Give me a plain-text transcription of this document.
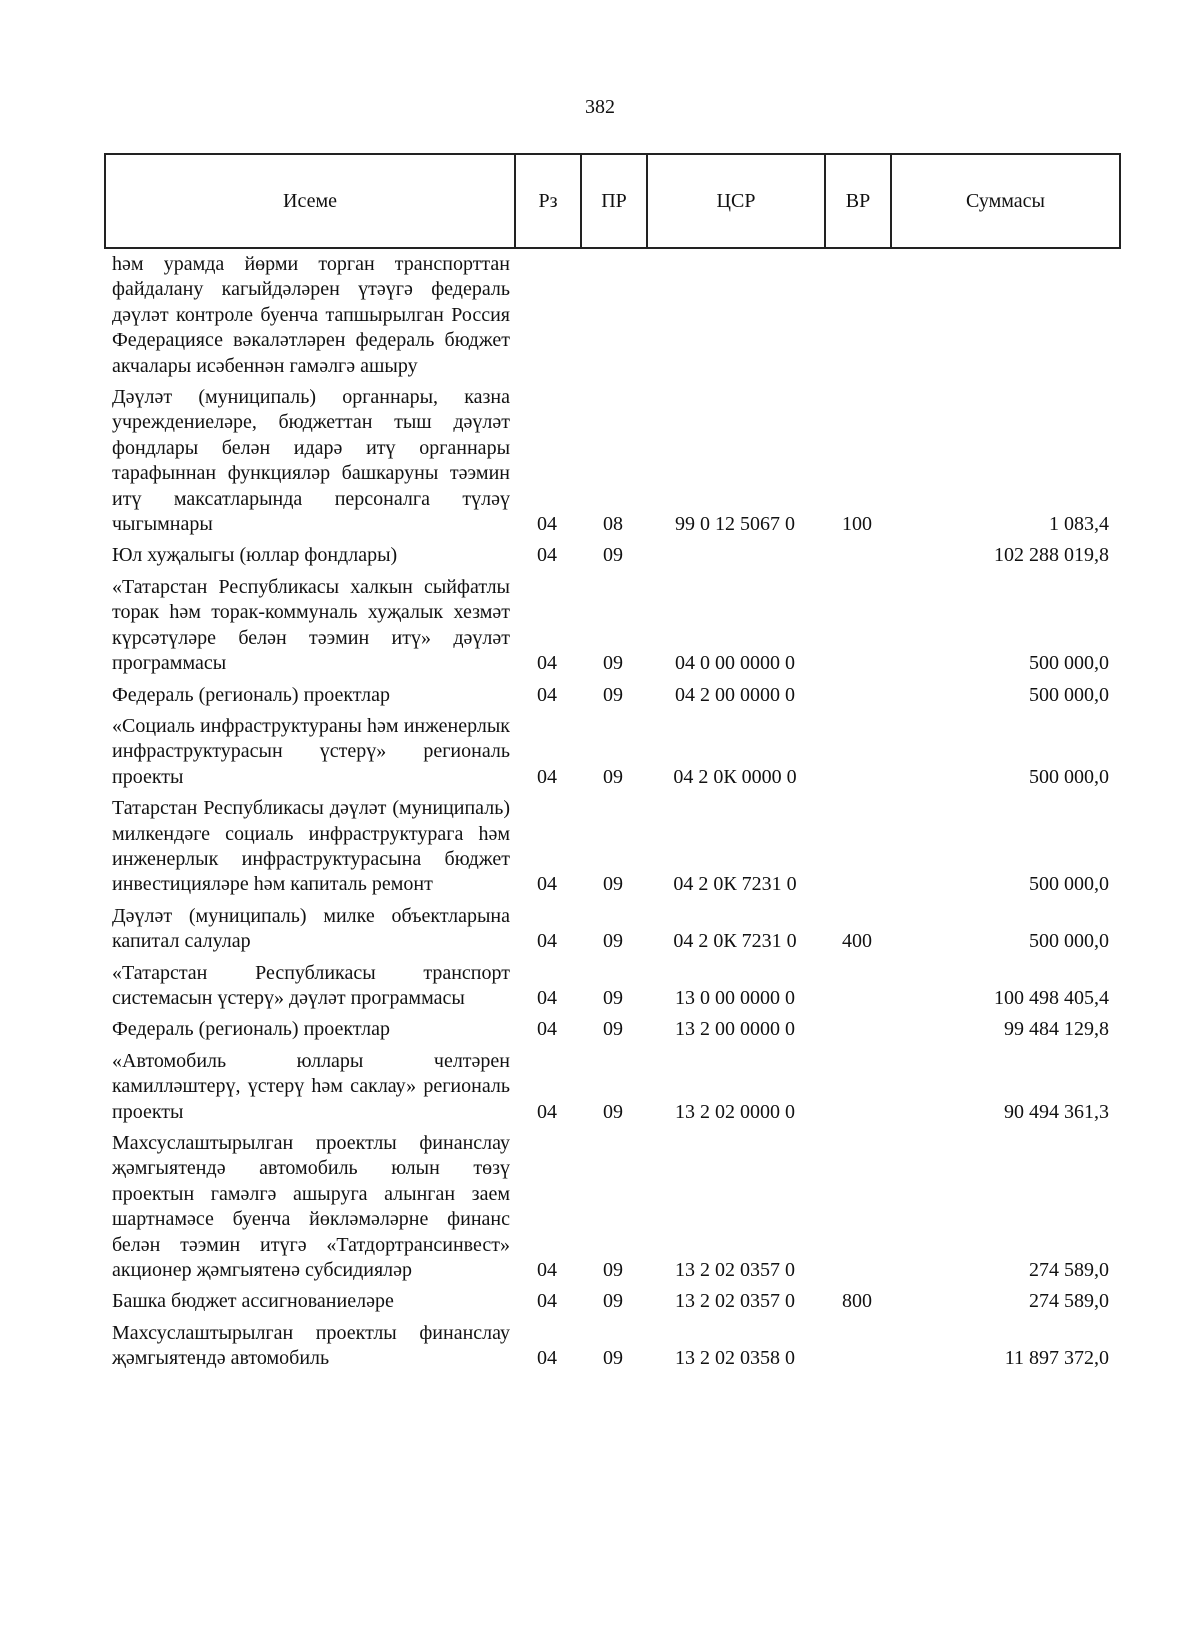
382
Исеме	Рз	ПР	ЦСР	ВР	Суммасы
һәм урамда йөрми торган транспорттан файдалану кагыйдәләрен үтәүгә федераль дәүләт контроле буенча тапшырылган Россия Федерациясе вәкаләтләрен федераль бюджет акчалары исәбеннән гамәлгә ашыру					

Дәүләт (муниципаль) органнары, казна учреждениеләре, бюджеттан тыш дәүләт фондлары белән идарә итү органнары тарафыннан функцияләр башкаруны тәэмин итү максатларында персоналга түләү чыгымнары	04	08	99 0 12 5067 0	100	1 083,4

Юл хуҗалыгы (юллар фондлары)	04	09			102 288 019,8

«Татарстан Республикасы халкын сыйфатлы торак һәм торак-коммуналь хуҗалык хезмәт күрсәтүләре белән тәэмин итү» дәүләт программасы	04	09	04 0 00 0000 0		500 000,0

Федераль (региональ) проектлар	04	09	04 2 00 0000 0		500 000,0

«Социаль инфраструктураны һәм инженерлык инфраструктурасын үстерү» региональ проекты	04	09	04 2 0К 0000 0		500 000,0

Татарстан Республикасы дәүләт (муниципаль) милкендәге социаль инфраструктурага һәм инженерлык инфраструктурасына бюджет инвестицияләре һәм капиталь ремонт	04	09	04 2 0К 7231 0		500 000,0

Дәүләт (муниципаль) милке объектларына капитал салулар	04	09	04 2 0К 7231 0	400	500 000,0

«Татарстан Республикасы транспорт системасын үстерү» дәүләт программасы	04	09	13 0 00 0000 0		100 498 405,4

Федераль (региональ) проектлар	04	09	13 2 00 0000 0		99 484 129,8

«Автомобиль юллары челтәрен камилләштерү, үстерү һәм саклау» региональ проекты	04	09	13 2 02 0000 0		90 494 361,3

Махсуслаштырылган проектлы финанслау җәмгыятендә автомобиль юлын төзү проектын гамәлгә ашыруга алынган заем шартнамәсе буенча йөкләмәләрне финанс белән тәэмин итүгә «Татдортрансинвест» акционер җәмгыятенә субсидияләр	04	09	13 2 02 0357 0		274 589,0

Башка бюджет ассигнованиеләре	04	09	13 2 02 0357 0	800	274 589,0

Махсуслаштырылган проектлы финанслау җәмгыятендә автомобиль	04	09	13 2 02 0358 0		11 897 372,0
